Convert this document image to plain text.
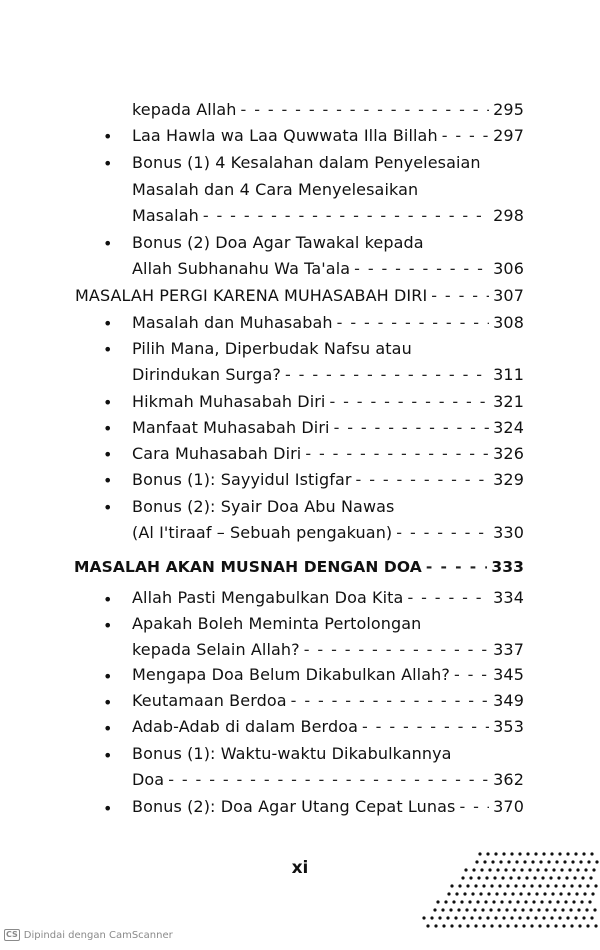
kepada Allah - - -	295
• Laa Hawla wa Laa Quwwata Illa Billah - - -	297
• Bonus (1) 4 Kesalahan dalam Penyelesaian
Masalah dan 4 Cara Menyelesaikan
Masalah - - -	298
• Bonus (2) Doa Agar Tawakal kepada
Allah Subhanahu Wa Ta'ala - - -	306
MASALAH PERGI KARENA MUHASABAH DIRI - - -	307
• Masalah dan Muhasabah - - -	308
• Pilih Mana, Diperbudak Nafsu atau
Dirindukan Surga? - - -	311
• Hikmah Muhasabah Diri - - -	321
• Manfaat Muhasabah Diri - - -	324
• Cara Muhasabah Diri - - -	326
• Bonus (1): Sayyidul Istigfar - - -	329
• Bonus (2): Syair Doa Abu Nawas
(Al I'tiraaf – Sebuah pengakuan) - - -	330
MASALAH AKAN MUSNAH DENGAN DOA - - -	333
• Allah Pasti Mengabulkan Doa Kita - - -	334
• Apakah Boleh Meminta Pertolongan
kepada Selain Allah? - - -	337
• Mengapa Doa Belum Dikabulkan Allah? - - -	345
• Keutamaan Berdoa - - -	349
• Adab-Adab di dalam Berdoa - - -	353
• Bonus (1): Waktu-waktu Dikabulkannya
Doa - - -	362
• Bonus (2): Doa Agar Utang Cepat Lunas - - - 370
xi
CS Dipindai dengan CamScanner
